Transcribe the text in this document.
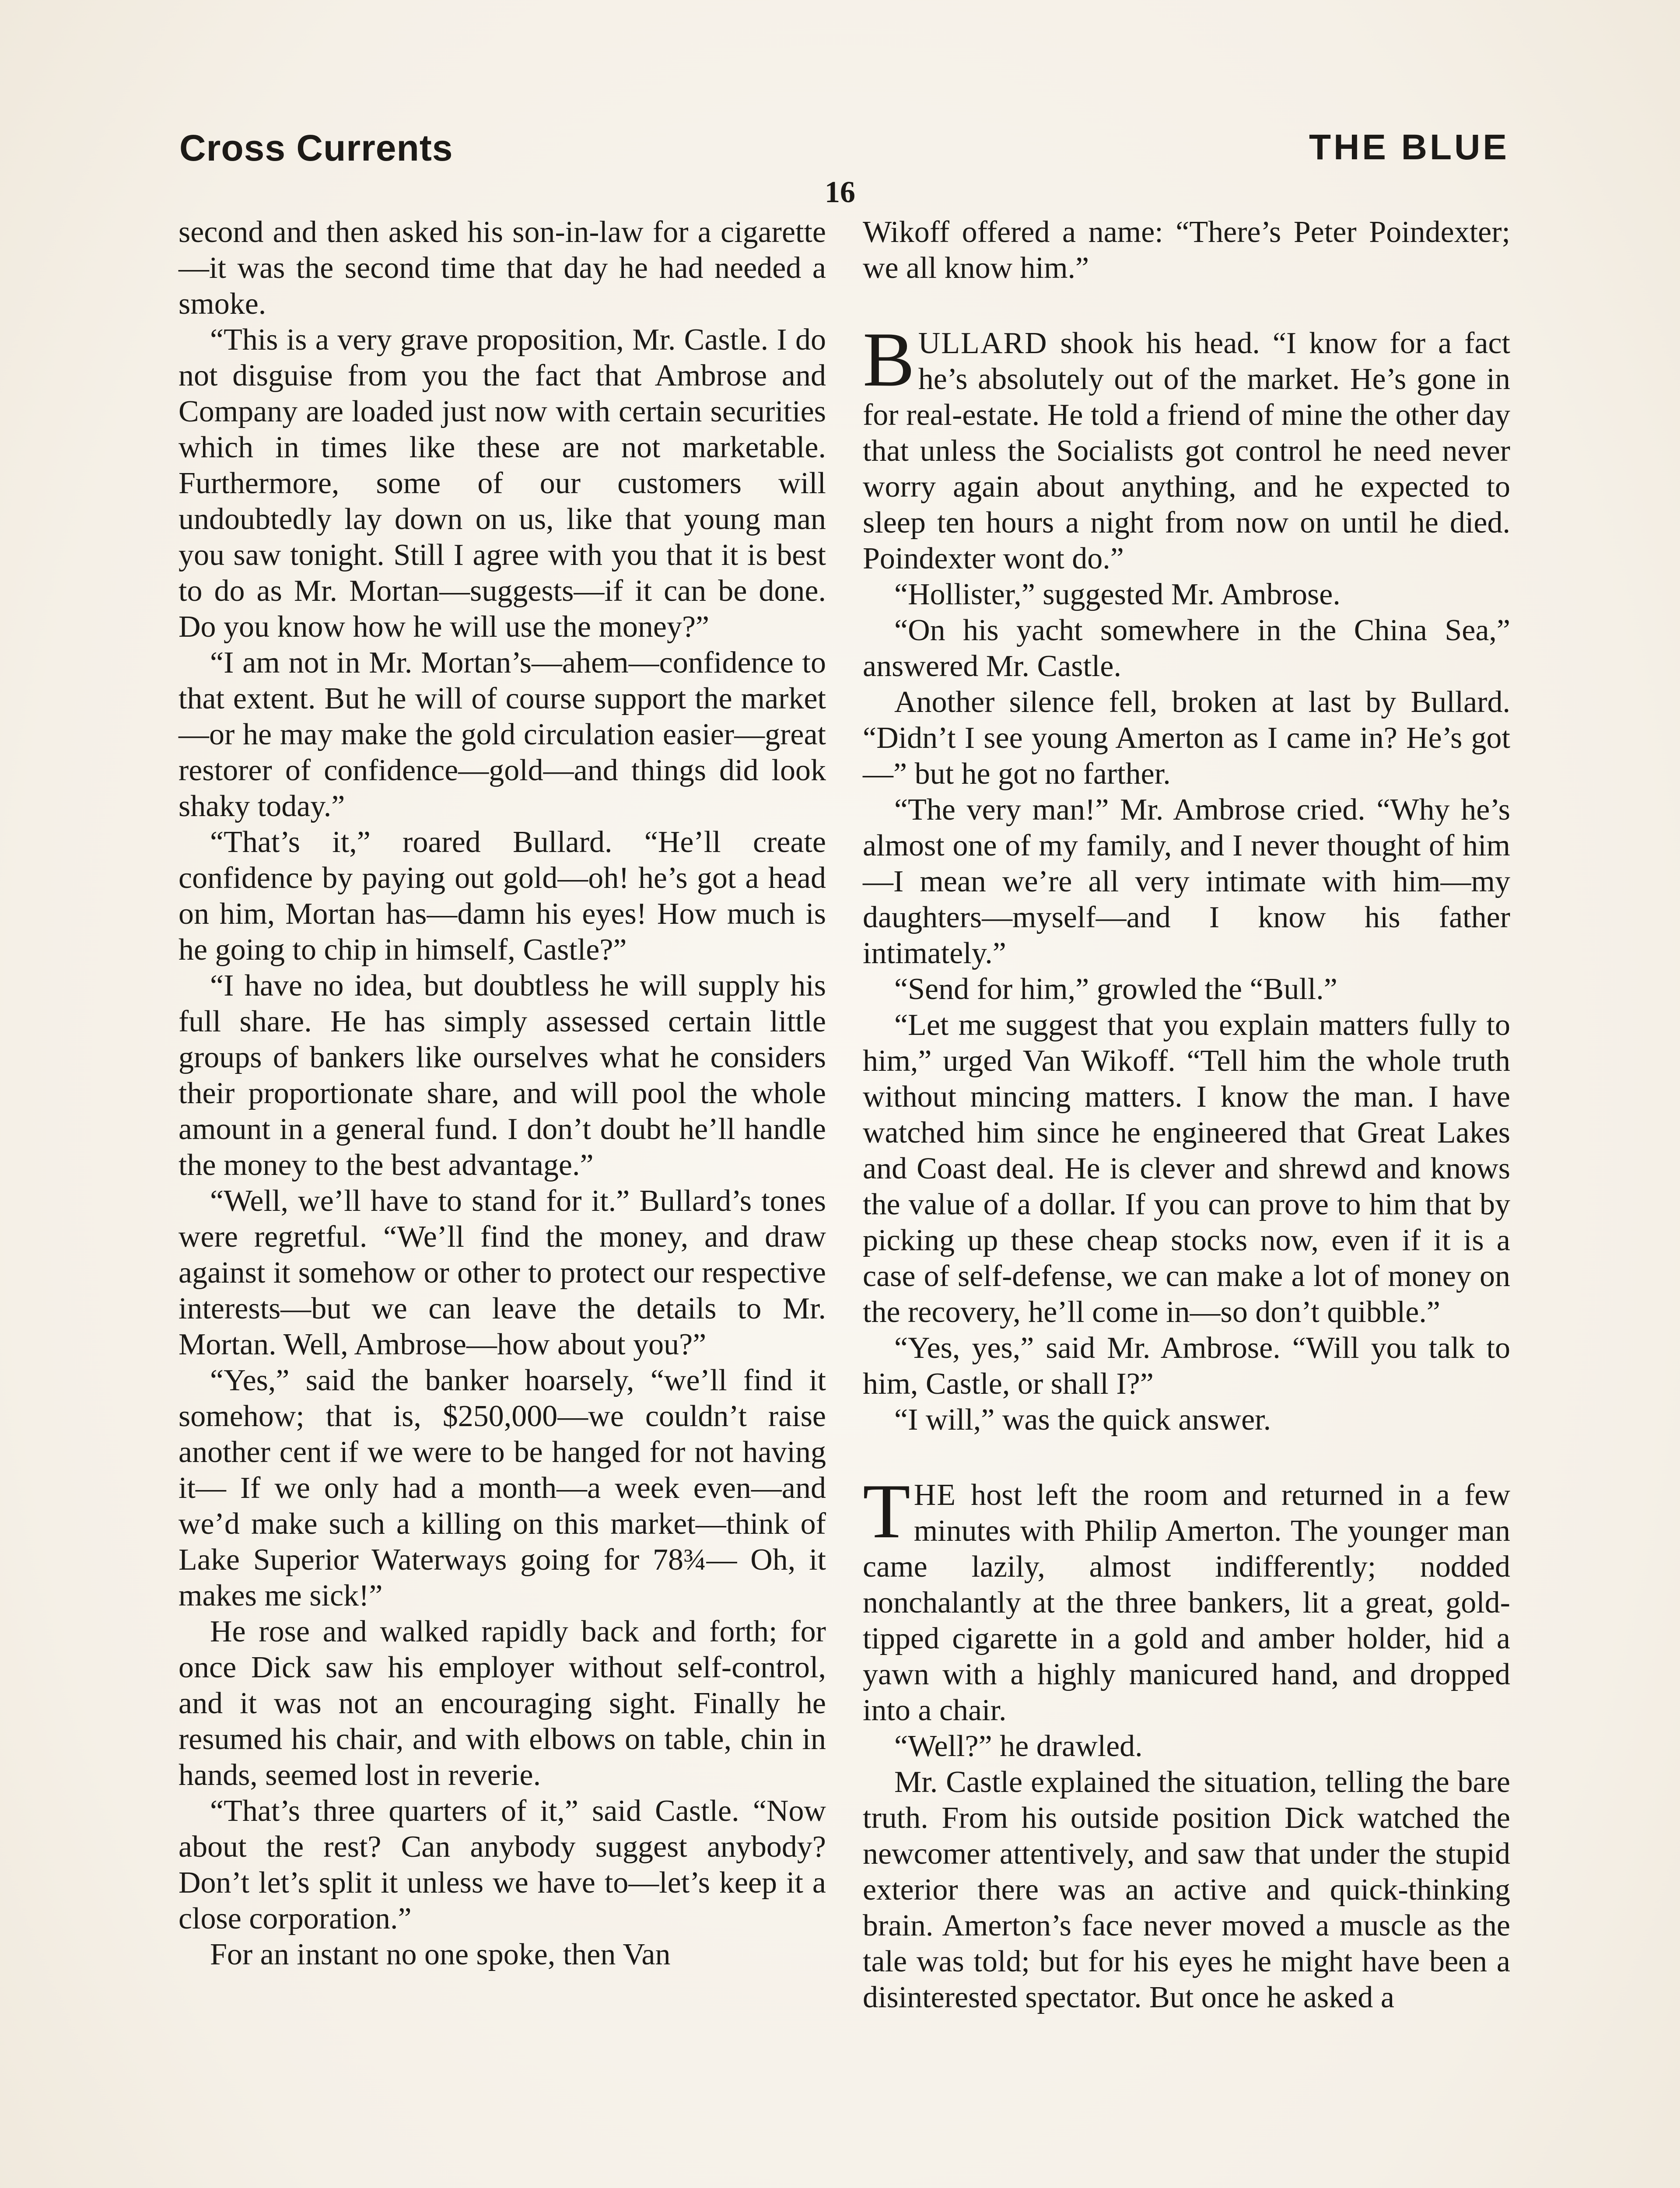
Cross Currents	THE BLUE
16

second and then asked his son-in-law for a cigarette—it was the second time that day he had needed a smoke.

“This is a very grave proposition, Mr. Castle. I do not disguise from you the fact that Ambrose and Company are loaded just now with certain securities which in times like these are not marketable. Furthermore, some of our customers will undoubtedly lay down on us, like that young man you saw tonight. Still I agree with you that it is best to do as Mr. Mortan—suggests—if it can be done. Do you know how he will use the money?”

“I am not in Mr. Mortan’s—ahem—confidence to that extent. But he will of course support the market—or he may make the gold circulation easier—great restorer of confidence—gold—and things did look shaky today.”

“That’s it,” roared Bullard. “He’ll create confidence by paying out gold—oh! he’s got a head on him, Mortan has—damn his eyes! How much is he going to chip in himself, Castle?”

“I have no idea, but doubtless he will supply his full share. He has simply assessed certain little groups of bankers like ourselves what he considers their proportionate share, and will pool the whole amount in a general fund. I don’t doubt he’ll handle the money to the best advantage.”

“Well, we’ll have to stand for it.” Bullard’s tones were regretful. “We’ll find the money, and draw against it somehow or other to protect our respective interests—but we can leave the details to Mr. Mortan. Well, Ambrose—how about you?”

“Yes,” said the banker hoarsely, “we’ll find it somehow; that is, $250,000—we couldn’t raise another cent if we were to be hanged for not having it— If we only had a month—a week even—and we’d make such a killing on this market—think of Lake Superior Waterways going for 78¾— Oh, it makes me sick!”

He rose and walked rapidly back and forth; for once Dick saw his employer without self-control, and it was not an encouraging sight. Finally he resumed his chair, and with elbows on table, chin in hands, seemed lost in reverie.

“That’s three quarters of it,” said Castle. “Now about the rest? Can anybody suggest anybody? Don’t let’s split it unless we have to—let’s keep it a close corporation.”

For an instant no one spoke, then Van

Wikoff offered a name: “There’s Peter Poindexter; we all know him.”

BULLARD shook his head. “I know for a fact he’s absolutely out of the market. He’s gone in for real-estate. He told a friend of mine the other day that unless the Socialists got control he need never worry again about anything, and he expected to sleep ten hours a night from now on until he died. Poindexter wont do.”

“Hollister,” suggested Mr. Ambrose.

“On his yacht somewhere in the China Sea,” answered Mr. Castle.

Another silence fell, broken at last by Bullard. “Didn’t I see young Amerton as I came in? He’s got—” but he got no farther.

“The very man!” Mr. Ambrose cried. “Why he’s almost one of my family, and I never thought of him—I mean we’re all very intimate with him—my daughters—myself—and I know his father intimately.”

“Send for him,” growled the “Bull.”

“Let me suggest that you explain matters fully to him,” urged Van Wikoff. “Tell him the whole truth without mincing matters. I know the man. I have watched him since he engineered that Great Lakes and Coast deal. He is clever and shrewd and knows the value of a dollar. If you can prove to him that by picking up these cheap stocks now, even if it is a case of self-defense, we can make a lot of money on the recovery, he’ll come in—so don’t quibble.”

“Yes, yes,” said Mr. Ambrose. “Will you talk to him, Castle, or shall I?”

“I will,” was the quick answer.

THE host left the room and returned in a few minutes with Philip Amerton. The younger man came lazily, almost indifferently; nodded nonchalantly at the three bankers, lit a great, gold-tipped cigarette in a gold and amber holder, hid a yawn with a highly manicured hand, and dropped into a chair.

“Well?” he drawled.

Mr. Castle explained the situation, telling the bare truth. From his outside position Dick watched the newcomer attentively, and saw that under the stupid exterior there was an active and quick-thinking brain. Amerton’s face never moved a muscle as the tale was told; but for his eyes he might have been a disinterested spectator. But once he asked a
